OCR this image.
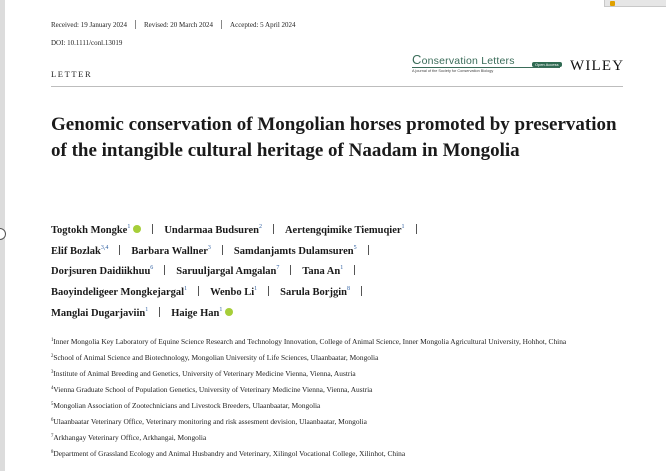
Received: 19 January 2024 Revised: 20 March 2024 Accepted: 5 April 2024
DOI: 10.1111/conl.13019
Conservation Letters
A journal of the Society for Conservation Biology
Open Access WILEY
LETTER
Genomic conservation of Mongolian horses promoted by preservation of the intangible cultural heritage of Naadam in Mongolia
Togtokh Mongke$^1$	Undarmaa Budsuren$^2$ Aertengqimike Tiemuqier$^1$
Elif Bozlak$^{3,4}$ Barbara Wallner$^3$ Samdanjamts Dulamsuren$^5$
Dorjsuren Daidiikhuu$^6$ Saruuljargal Amgalan$^7$ Tana An$^1$
Baoyindeligeer Mongkejargal$^1$ Wenbo Li$^1$ Sarula Borjgin$^8$
Manglai Dugarjaviin$^1$ Haige Han$^1$
$^1$Inner Mongolia Key Laboratory of Equine Science Research and Technology Innovation, College of Animal Science, Inner Mongolia Agricultural University, Hohhot, China
$^2$School of Animal Science and Biotechnology, Mongolian University of Life Sciences, Ulaanbaatar, Mongolia
$^3$Institute of Animal Breeding and Genetics, University of Veterinary Medicine Vienna, Vienna, Austria
$^4$Vienna Graduate School of Population Genetics, University of Veterinary Medicine Vienna, Vienna, Austria
$^5$Mongolian Association of Zootechnicians and Livestock Breeders, Ulaanbaatar, Mongolia
$^6$Ulaanbaatar Veterinary Office, Veterinary monitoring and risk assesment devision, Ulaanbaatar, Mongolia
$^7$Arkhangay Veterinary Office, Arkhangai, Mongolia
$^8$Department of Grassland Ecology and Animal Husbandry and Veterinary, Xilingol Vocational College, Xilinhot, China
